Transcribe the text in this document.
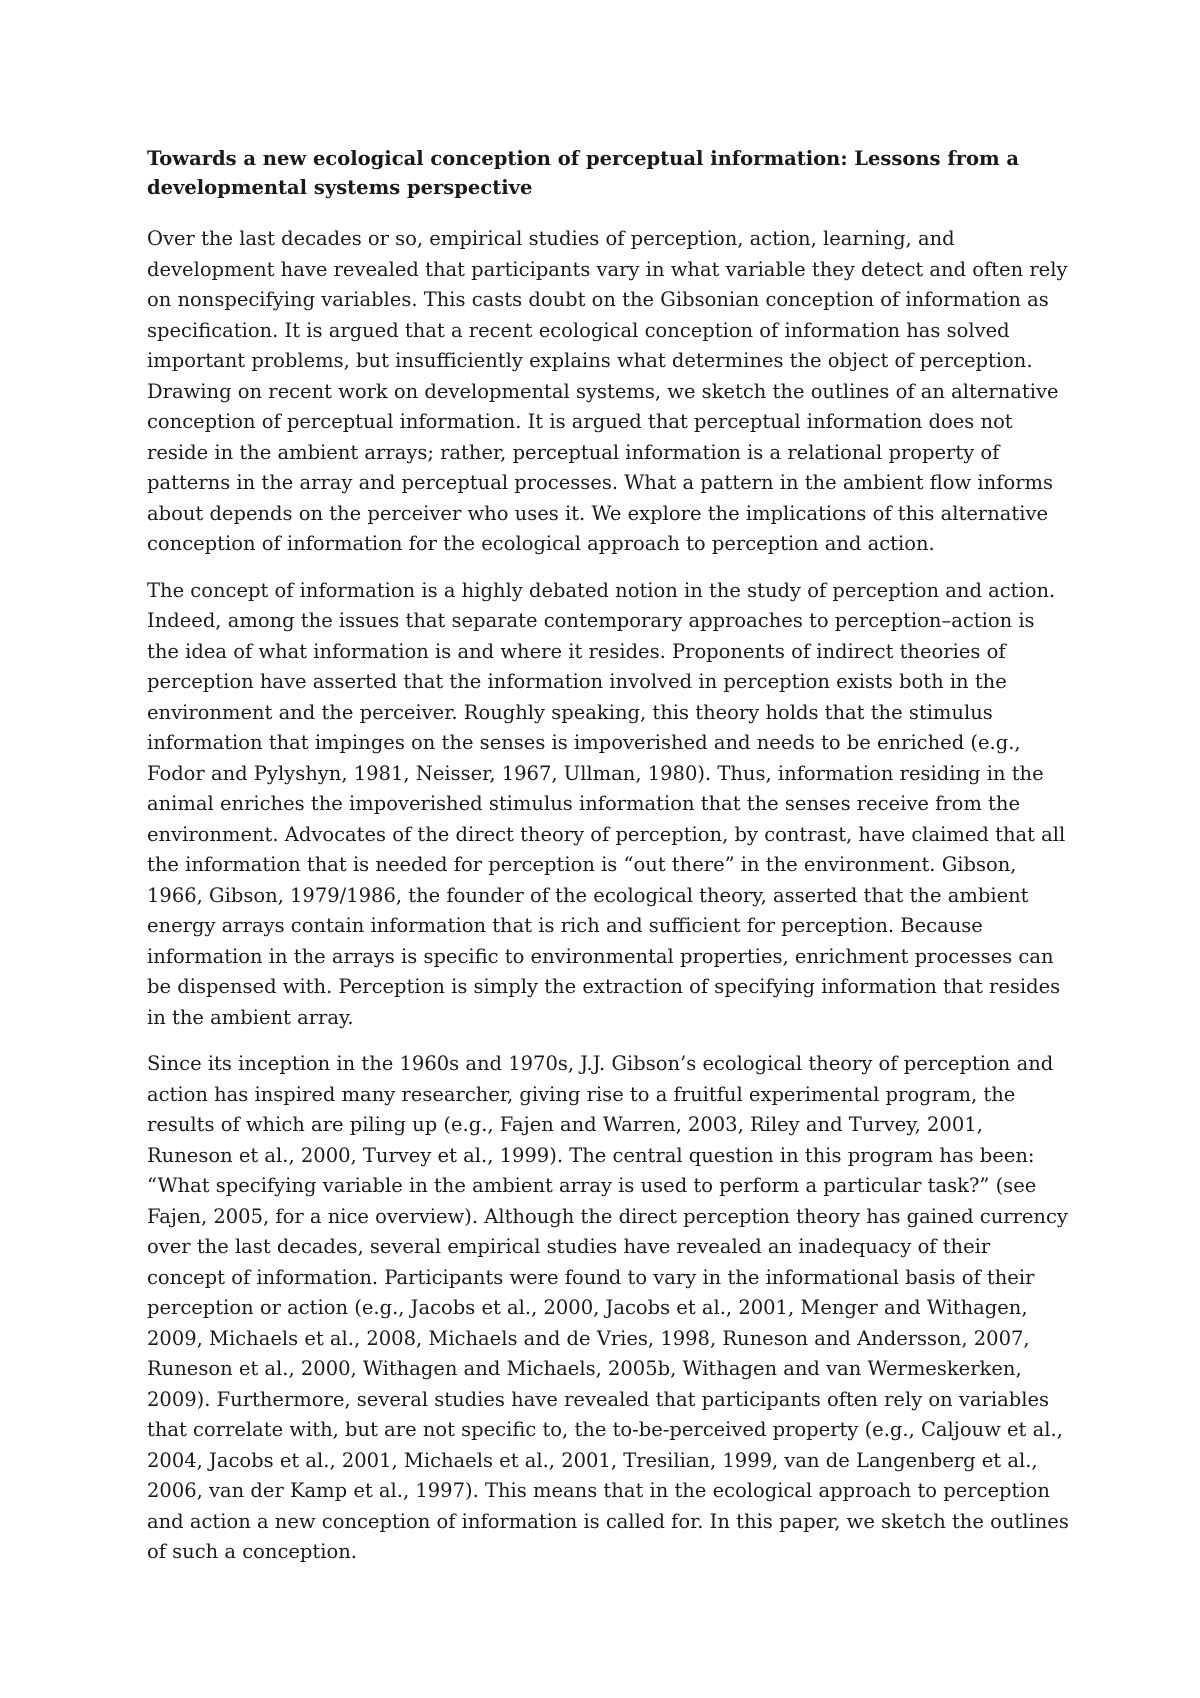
Towards a new ecological conception of perceptual information: Lessons from a developmental systems perspective

Over the last decades or so, empirical studies of perception, action, learning, and development have revealed that participants vary in what variable they detect and often rely on nonspecifying variables. This casts doubt on the Gibsonian conception of information as specification. It is argued that a recent ecological conception of information has solved important problems, but insufficiently explains what determines the object of perception. Drawing on recent work on developmental systems, we sketch the outlines of an alternative conception of perceptual information. It is argued that perceptual information does not reside in the ambient arrays; rather, perceptual information is a relational property of patterns in the array and perceptual processes. What a pattern in the ambient flow informs about depends on the perceiver who uses it. We explore the implications of this alternative conception of information for the ecological approach to perception and action.

The concept of information is a highly debated notion in the study of perception and action. Indeed, among the issues that separate contemporary approaches to perception–action is the idea of what information is and where it resides. Proponents of indirect theories of perception have asserted that the information involved in perception exists both in the environment and the perceiver. Roughly speaking, this theory holds that the stimulus information that impinges on the senses is impoverished and needs to be enriched (e.g., Fodor and Pylyshyn, 1981, Neisser, 1967, Ullman, 1980). Thus, information residing in the animal enriches the impoverished stimulus information that the senses receive from the environment. Advocates of the direct theory of perception, by contrast, have claimed that all the information that is needed for perception is “out there” in the environment. Gibson, 1966, Gibson, 1979/1986, the founder of the ecological theory, asserted that the ambient energy arrays contain information that is rich and sufficient for perception. Because information in the arrays is specific to environmental properties, enrichment processes can be dispensed with. Perception is simply the extraction of specifying information that resides in the ambient array.

Since its inception in the 1960s and 1970s, J.J. Gibson’s ecological theory of perception and action has inspired many researcher, giving rise to a fruitful experimental program, the results of which are piling up (e.g., Fajen and Warren, 2003, Riley and Turvey, 2001, Runeson et al., 2000, Turvey et al., 1999). The central question in this program has been: “What specifying variable in the ambient array is used to perform a particular task?” (see Fajen, 2005, for a nice overview). Although the direct perception theory has gained currency over the last decades, several empirical studies have revealed an inadequacy of their concept of information. Participants were found to vary in the informational basis of their perception or action (e.g., Jacobs et al., 2000, Jacobs et al., 2001, Menger and Withagen, 2009, Michaels et al., 2008, Michaels and de Vries, 1998, Runeson and Andersson, 2007, Runeson et al., 2000, Withagen and Michaels, 2005b, Withagen and van Wermeskerken, 2009). Furthermore, several studies have revealed that participants often rely on variables that correlate with, but are not specific to, the to-be-perceived property (e.g., Caljouw et al., 2004, Jacobs et al., 2001, Michaels et al., 2001, Tresilian, 1999, van de Langenberg et al., 2006, van der Kamp et al., 1997). This means that in the ecological approach to perception and action a new conception of information is called for. In this paper, we sketch the outlines of such a conception.
